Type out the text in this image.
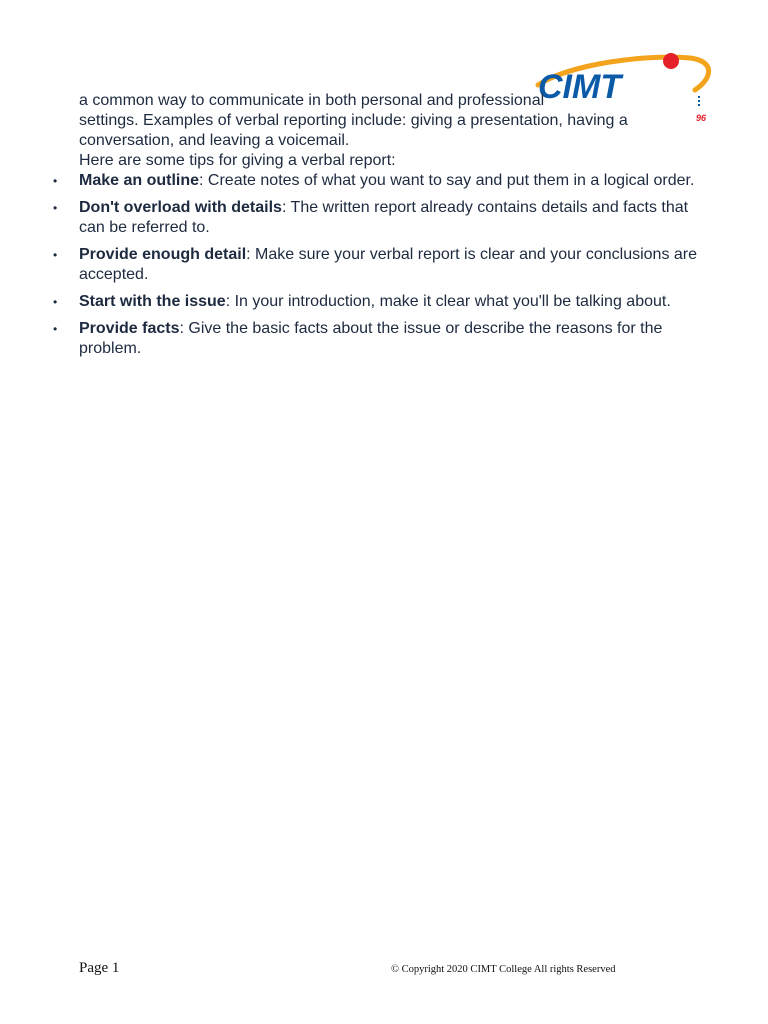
CIMT
96
a common way to communicate in both personal and professional
settings. Examples of verbal reporting include: giving a presentation, having a
conversation, and leaving a voicemail.
Here are some tips for giving a verbal report:
• Make an outline: Create notes of what you want to say and put them in a logical order.
• Don't overload with details: The written report already contains details and facts that can be referred to.
• Provide enough detail: Make sure your verbal report is clear and your conclusions are accepted.
• Start with the issue: In your introduction, make it clear what you'll be talking about.
• Provide facts: Give the basic facts about the issue or describe the reasons for the problem.
Page 1	© Copyright 2020 CIMT College All rights Reserved
